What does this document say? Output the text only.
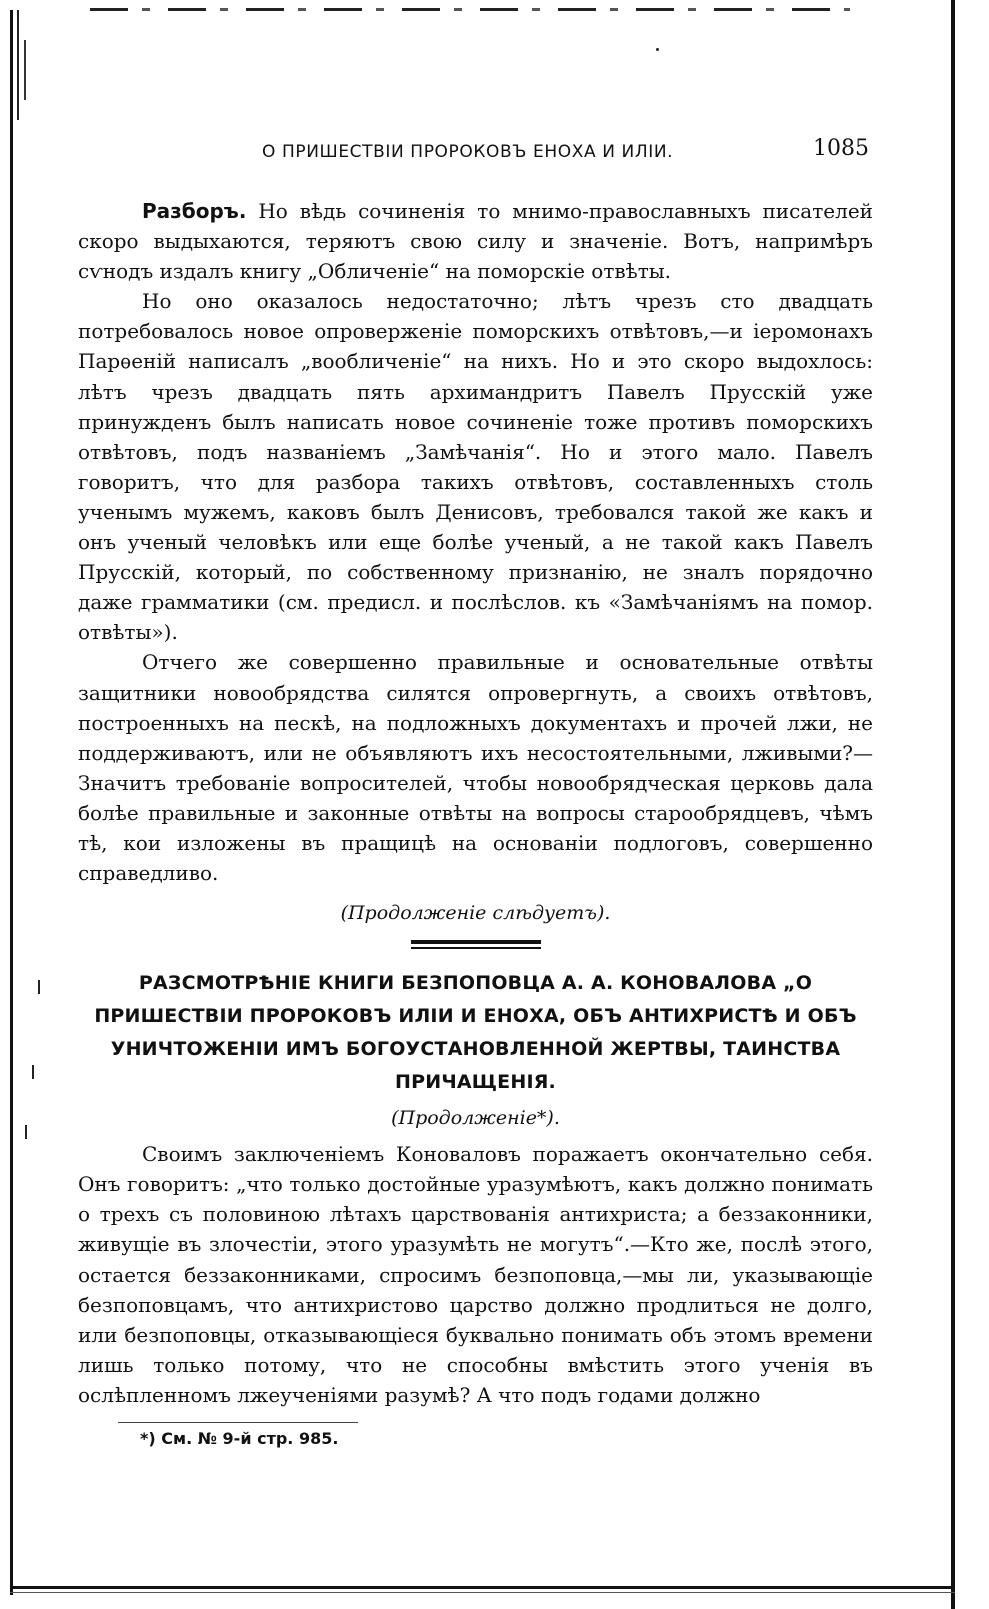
О ПРИШЕСТВІИ ПРОРОКОВЪ ЕНОХА И ИЛІИ.	1085

Разборъ. Но вѣдь сочиненія то мнимо-православныхъ писателей скоро выдыхаются, теряютъ свою силу и значеніе. Вотъ, напримѣръ сѵнодъ издалъ книгу „Обличеніе“ на поморскіе отвѣты.

Но оно оказалось недостаточно; лѣтъ чрезъ сто двадцать потребовалось новое опроверженіе поморскихъ отвѣтовъ,—и іеромонахъ Парѳеній написалъ „вообличеніе“ на нихъ. Но и это скоро выдохлось: лѣтъ чрезъ двадцать пять архимандритъ Павелъ Прусскій уже принужденъ былъ написать новое сочиненіе тоже противъ поморскихъ отвѣтовъ, подъ названіемъ „Замѣчанія“. Но и этого мало. Павелъ говоритъ, что для разбора такихъ отвѣтовъ, составленныхъ столь ученымъ мужемъ, каковъ былъ Денисовъ, требовался такой же какъ и онъ ученый человѣкъ или еще болѣе ученый, а не такой какъ Павелъ Прусскій, который, по собственному признанію, не зналъ порядочно даже грамматики (см. предисл. и послѣслов. къ «Замѣчаніямъ на помор. отвѣты»).

Отчего же совершенно правильные и основательные отвѣты защитники новообрядства силятся опровергнуть, а своихъ отвѣтовъ, построенныхъ на пескѣ, на подложныхъ документахъ и прочей лжи, не поддерживаютъ, или не объявляютъ ихъ несостоятельными, лживыми?—Значитъ требованіе вопросителей, чтобы новообрядческая церковь дала болѣе правильные и законные отвѣты на вопросы старообрядцевъ, чѣмъ тѣ, кои изложены въ пращицѣ на основаніи подлоговъ, совершенно справедливо.

(Продолженіе слѣдуетъ).

РАЗСМОТРѢНІЕ КНИГИ БЕЗПОПОВЦА А. А. КОНОВАЛОВА „О ПРИШЕСТВІИ ПРОРОКОВЪ ИЛІИ И ЕНОХА, ОБЪ АНТИХРИСТѢ И ОБЪ УНИЧТОЖЕНІИ ИМЪ БОГОУСТАНОВЛЕННОЙ ЖЕРТВЫ, ТАИНСТВА ПРИЧАЩЕНІЯ.

(Продолженіе*).

Своимъ заключеніемъ Коноваловъ поражаетъ окончательно себя. Онъ говоритъ: „что только достойные уразумѣютъ, какъ должно понимать о трехъ съ половиною лѣтахъ царствованія антихриста; а беззаконники, живущіе въ злочестіи, этого уразумѣть не могутъ“.—Кто же, послѣ этого, остается беззаконниками, спросимъ безпоповца,—мы ли, указывающіе безпоповцамъ, что антихристово царство должно продлиться не долго, или безпоповцы, отказывающіеся буквально понимать объ этомъ времени лишь только потому, что не способны вмѣстить этого ученія въ ослѣпленномъ лжеученіями разумѣ? А что подъ годами должно

*) См. № 9-й стр. 985.
